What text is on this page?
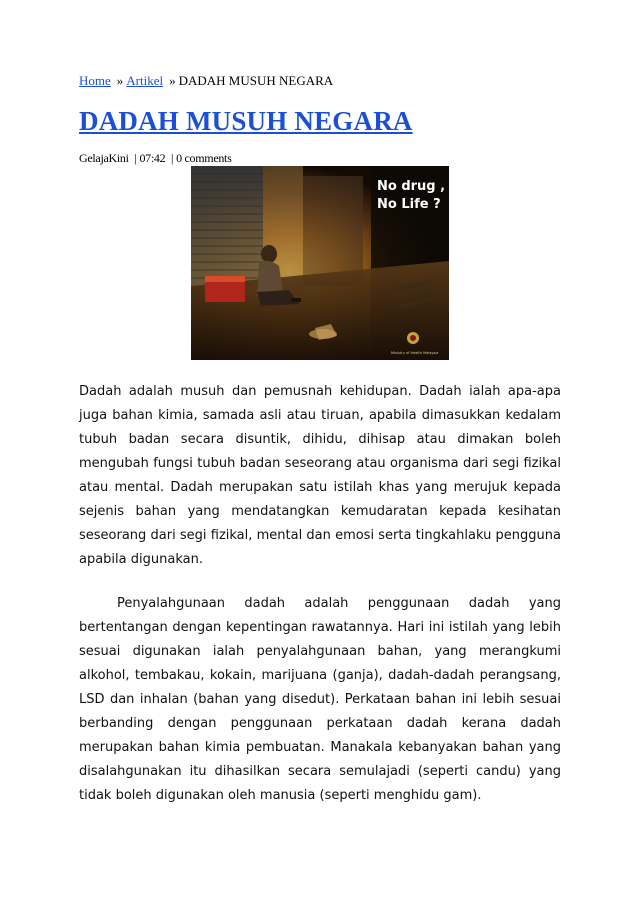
Home » Artikel » DADAH MUSUH NEGARA
DADAH MUSUH NEGARA
GelajaKini | 07:42 | 0 comments
No drug ,
No Life ?
Ministry of Health Malaysia

Dadah adalah musuh dan pemusnah kehidupan. Dadah ialah apa-apa juga bahan kimia, samada asli atau tiruan, apabila dimasukkan kedalam tubuh badan secara disuntik, dihidu, dihisap atau dimakan boleh mengubah fungsi tubuh badan seseorang atau organisma dari segi fizikal atau mental. Dadah merupakan satu istilah khas yang merujuk kepada sejenis bahan yang mendatangkan kemudaratan kepada kesihatan seseorang dari segi fizikal, mental dan emosi serta tingkahlaku pengguna apabila digunakan.

Penyalahgunaan dadah adalah penggunaan dadah yang bertentangan dengan kepentingan rawatannya. Hari ini istilah yang lebih sesuai digunakan ialah penyalahgunaan bahan, yang merangkumi alkohol, tembakau, kokain, marijuana (ganja), dadah-dadah perangsang, LSD dan inhalan (bahan yang disedut). Perkataan bahan ini lebih sesuai berbanding dengan penggunaan perkataan dadah kerana dadah merupakan bahan kimia pembuatan. Manakala kebanyakan bahan yang disalahgunakan itu dihasilkan secara semulajadi (seperti candu) yang tidak boleh digunakan oleh manusia (seperti menghidu gam).
